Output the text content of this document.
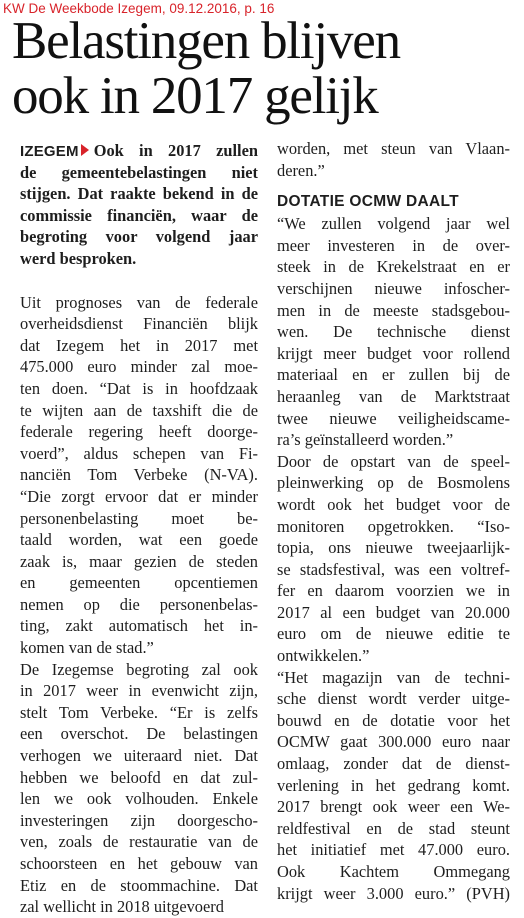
KW De Weekbode Izegem, 09.12.2016, p. 16
Belastingen blijven
ook in 2017 gelijk
IZEGEM Ook in 2017 zullen
de gemeentebelastingen niet
stijgen. Dat raakte bekend in de
commissie financiën, waar de
begroting voor volgend jaar
werd besproken.
Uit prognoses van de federale
overheidsdienst Financiën blijk
dat Izegem het in 2017 met
475.000 euro minder zal moe-
ten doen. “Dat is in hoofdzaak
te wijten aan de taxshift die de
federale regering heeft doorge-
voerd”, aldus schepen van Fi-
nanciën Tom Verbeke (N-VA).
“Die zorgt ervoor dat er minder
personenbelasting moet be-
taald worden, wat een goede
zaak is, maar gezien de steden
en gemeenten opcentiemen
nemen op die personenbelas-
ting, zakt automatisch het in-
komen van de stad.”
De Izegemse begroting zal ook
in 2017 weer in evenwicht zijn,
stelt Tom Verbeke. “Er is zelfs
een overschot. De belastingen
verhogen we uiteraard niet. Dat
hebben we beloofd en dat zul-
len we ook volhouden. Enkele
investeringen zijn doorgescho-
ven, zoals de restauratie van de
schoorsteen en het gebouw van
Etiz en de stoommachine. Dat
zal wellicht in 2018 uitgevoerd
worden, met steun van Vlaan-
deren.”
DOTATIE OCMW DAALT
“We zullen volgend jaar wel
meer investeren in de over-
steek in de Krekelstraat en er
verschijnen nieuwe infoscher-
men in de meeste stadsgebou-
wen. De technische dienst
krijgt meer budget voor rollend
materiaal en er zullen bij de
heraanleg van de Marktstraat
twee nieuwe veiligheidscame-
ra’s geïnstalleerd worden.”
Door de opstart van de speel-
pleinwerking op de Bosmolens
wordt ook het budget voor de
monitoren opgetrokken. “Iso-
topia, ons nieuwe tweejaarlijk-
se stadsfestival, was een voltref-
fer en daarom voorzien we in
2017 al een budget van 20.000
euro om de nieuwe editie te
ontwikkelen.”
“Het magazijn van de techni-
sche dienst wordt verder uitge-
bouwd en de dotatie voor het
OCMW gaat 300.000 euro naar
omlaag, zonder dat de dienst-
verlening in het gedrang komt.
2017 brengt ook weer een We-
reldfestival en de stad steunt
het initiatief met 47.000 euro.
Ook Kachtem Ommegang
krijgt weer 3.000 euro.” (PVH)
